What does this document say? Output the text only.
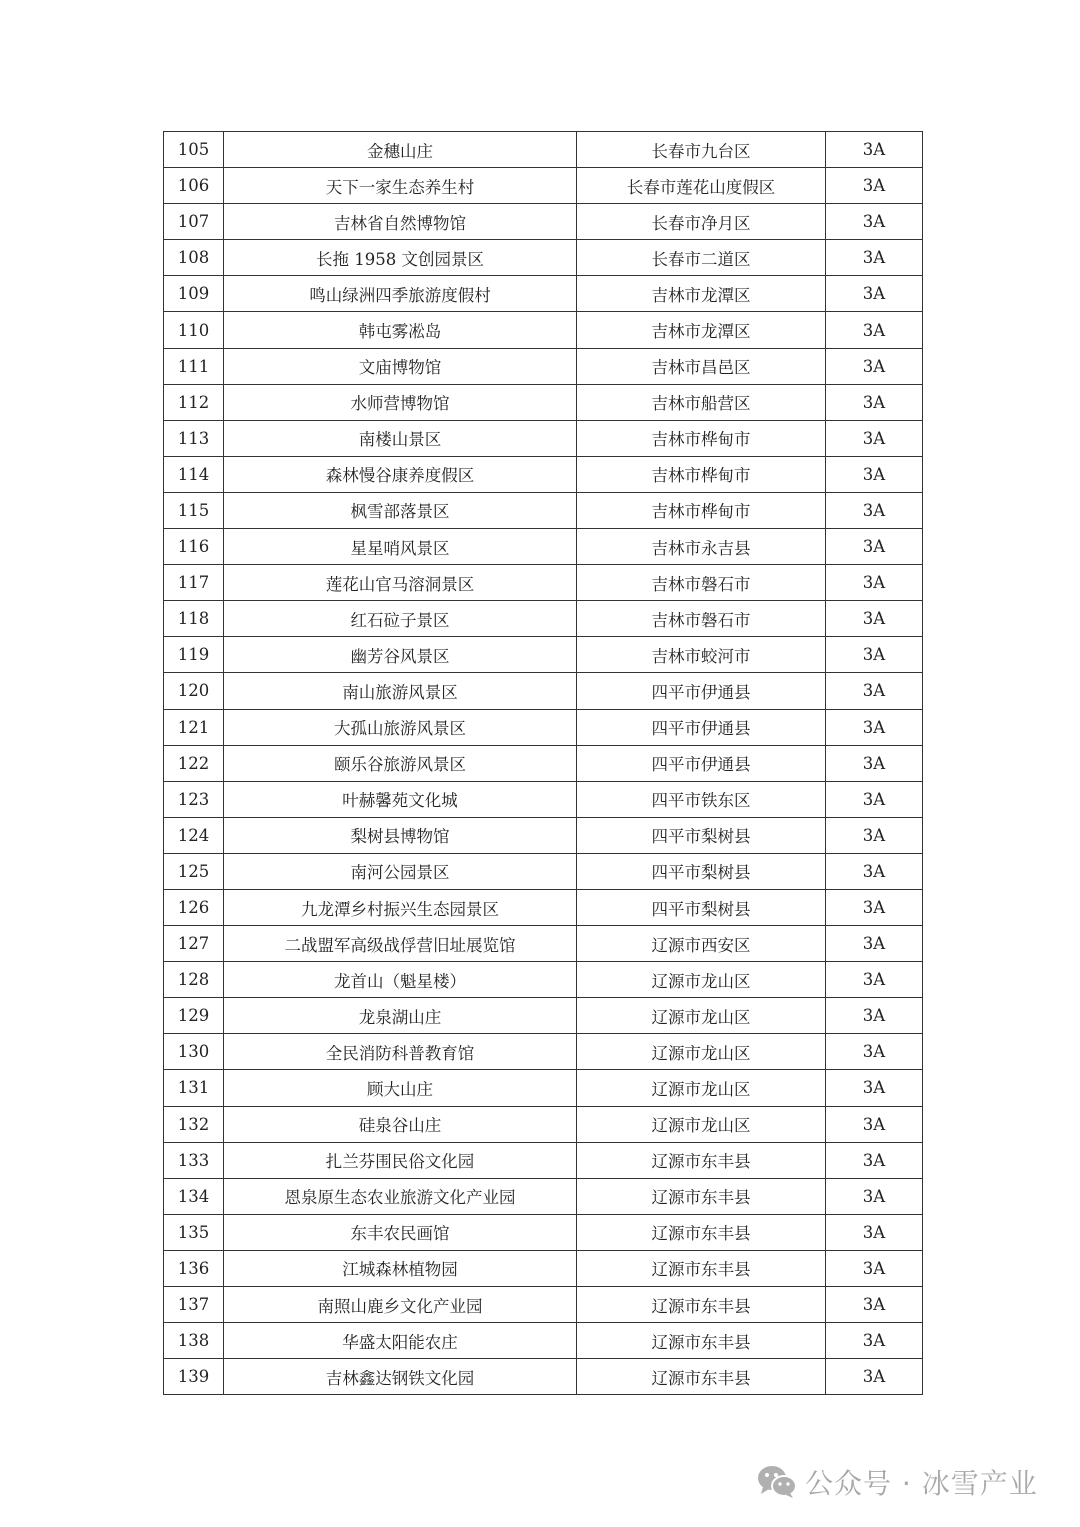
105	金穗山庄	长春市九台区	3A
106	天下一家生态养生村	长春市莲花山度假区	3A
107	吉林省自然博物馆	长春市净月区	3A
108	长拖 1958 文创园景区	长春市二道区	3A
109	鸣山绿洲四季旅游度假村	吉林市龙潭区	3A
110	韩屯雾凇岛	吉林市龙潭区	3A
111	文庙博物馆	吉林市昌邑区	3A
112	水师营博物馆	吉林市船营区	3A
113	南楼山景区	吉林市桦甸市	3A
114	森林慢谷康养度假区	吉林市桦甸市	3A
115	枫雪部落景区	吉林市桦甸市	3A
116	星星哨风景区	吉林市永吉县	3A
117	莲花山官马溶洞景区	吉林市磐石市	3A
118	红石砬子景区	吉林市磐石市	3A
119	幽芳谷风景区	吉林市蛟河市	3A
120	南山旅游风景区	四平市伊通县	3A
121	大孤山旅游风景区	四平市伊通县	3A
122	颐乐谷旅游风景区	四平市伊通县	3A
123	叶赫馨苑文化城	四平市铁东区	3A
124	梨树县博物馆	四平市梨树县	3A
125	南河公园景区	四平市梨树县	3A
126	九龙潭乡村振兴生态园景区	四平市梨树县	3A
127	二战盟军高级战俘营旧址展览馆	辽源市西安区	3A
128	龙首山（魁星楼）	辽源市龙山区	3A
129	龙泉湖山庄	辽源市龙山区	3A
130	全民消防科普教育馆	辽源市龙山区	3A
131	顾大山庄	辽源市龙山区	3A
132	硅泉谷山庄	辽源市龙山区	3A
133	扎兰芬围民俗文化园	辽源市东丰县	3A
134	恩泉原生态农业旅游文化产业园	辽源市东丰县	3A
135	东丰农民画馆	辽源市东丰县	3A
136	江城森林植物园	辽源市东丰县	3A
137	南照山鹿乡文化产业园	辽源市东丰县	3A
138	华盛太阳能农庄	辽源市东丰县	3A
139	吉林鑫达钢铁文化园	辽源市东丰县	3A
公众号 · 冰雪产业
